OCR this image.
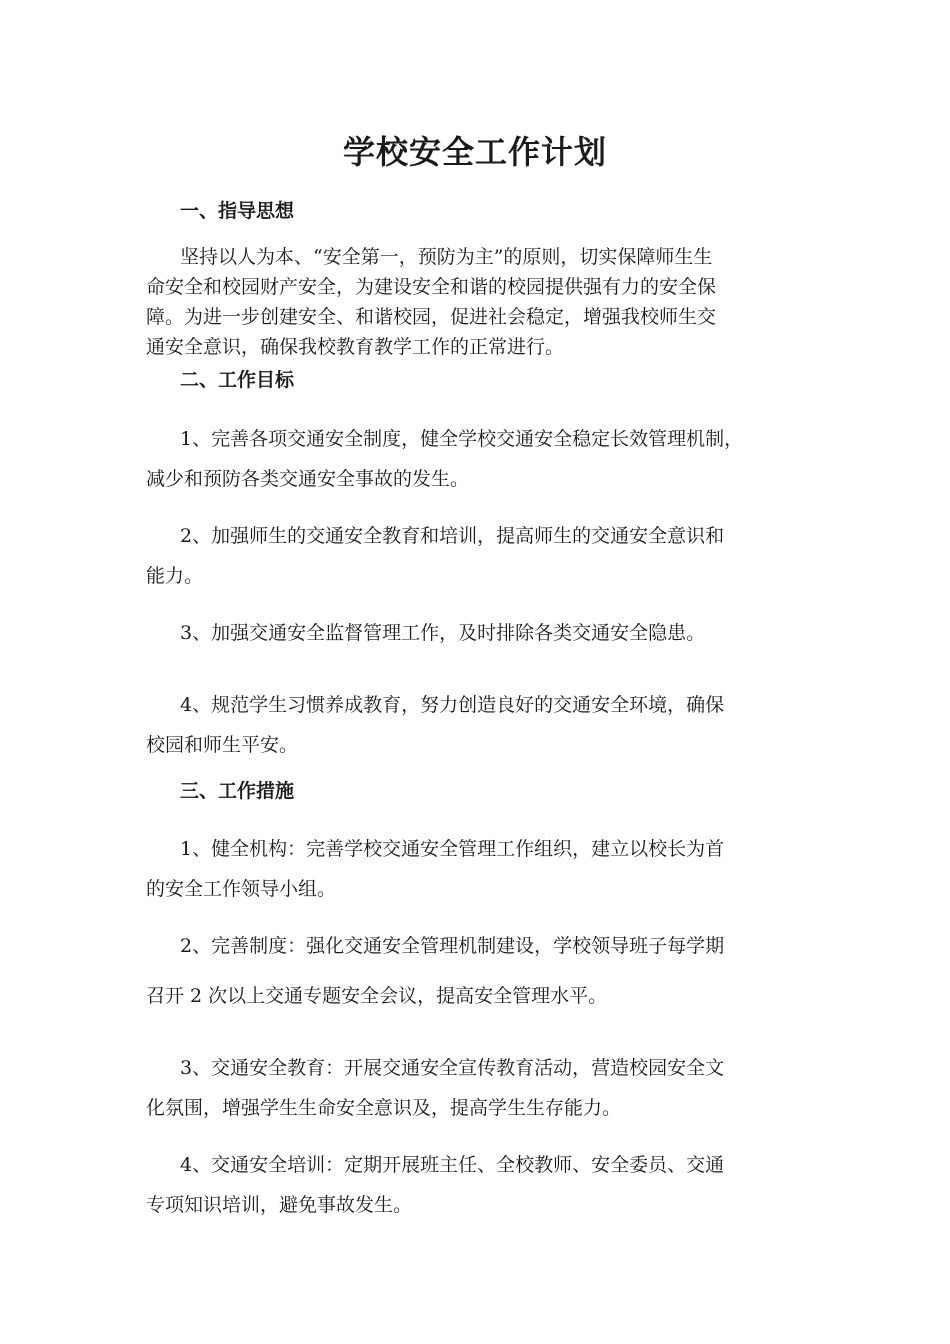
学校安全工作计划
一、指导思想
坚持以人为本、“安全第一，预防为主”的原则，切实保障师生生
命安全和校园财产安全，为建设安全和谐的校园提供强有力的安全保
障。为进一步创建安全、和谐校园，促进社会稳定，增强我校师生交
通安全意识，确保我校教育教学工作的正常进行。
二、工作目标
1、完善各项交通安全制度，健全学校交通安全稳定长效管理机制，
减少和预防各类交通安全事故的发生。
2、加强师生的交通安全教育和培训，提高师生的交通安全意识和
能力。
3、加强交通安全监督管理工作，及时排除各类交通安全隐患。
4、规范学生习惯养成教育，努力创造良好的交通安全环境，确保
校园和师生平安。
三、工作措施
1、健全机构：完善学校交通安全管理工作组织，建立以校长为首
的安全工作领导小组。
2、完善制度：强化交通安全管理机制建设，学校领导班子每学期
召开 2 次以上交通专题安全会议，提高安全管理水平。
3、交通安全教育：开展交通安全宣传教育活动，营造校园安全文
化氛围，增强学生生命安全意识及，提高学生生存能力。
4、交通安全培训：定期开展班主任、全校教师、安全委员、交通
专项知识培训，避免事故发生。
